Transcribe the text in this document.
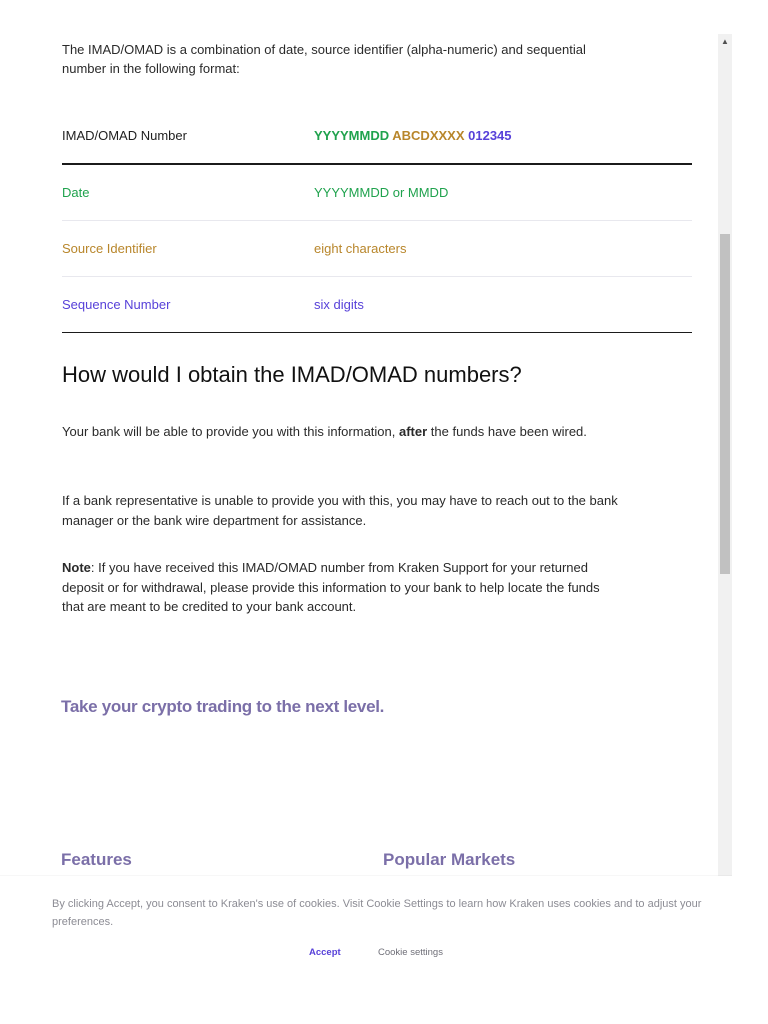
The IMAD/OMAD is a combination of date, source identifier (alpha-numeric) and sequential number in the following format:

IMAD/OMAD Number	YYYYMMDD ABCDXXXX 012345
Date	YYYYMMDD or MMDD
Source Identifier	eight characters
Sequence Number	six digits
How would I obtain the IMAD/OMAD numbers?

Your bank will be able to provide you with this information, after the funds have been wired.

If a bank representative is unable to provide you with this, you may have to reach out to the bank manager or the bank wire department for assistance.

Note: If you have received this IMAD/OMAD number from Kraken Support for your returned deposit or for withdrawal, please provide this information to your bank to help locate the funds that are meant to be credited to your bank account.

Take your crypto trading to the next level.
Features	Popular Markets
▲
By clicking Accept, you consent to Kraken's use of cookies. Visit Cookie Settings to learn how Kraken uses cookies and to adjust your preferences.
Accept	Cookie settings
